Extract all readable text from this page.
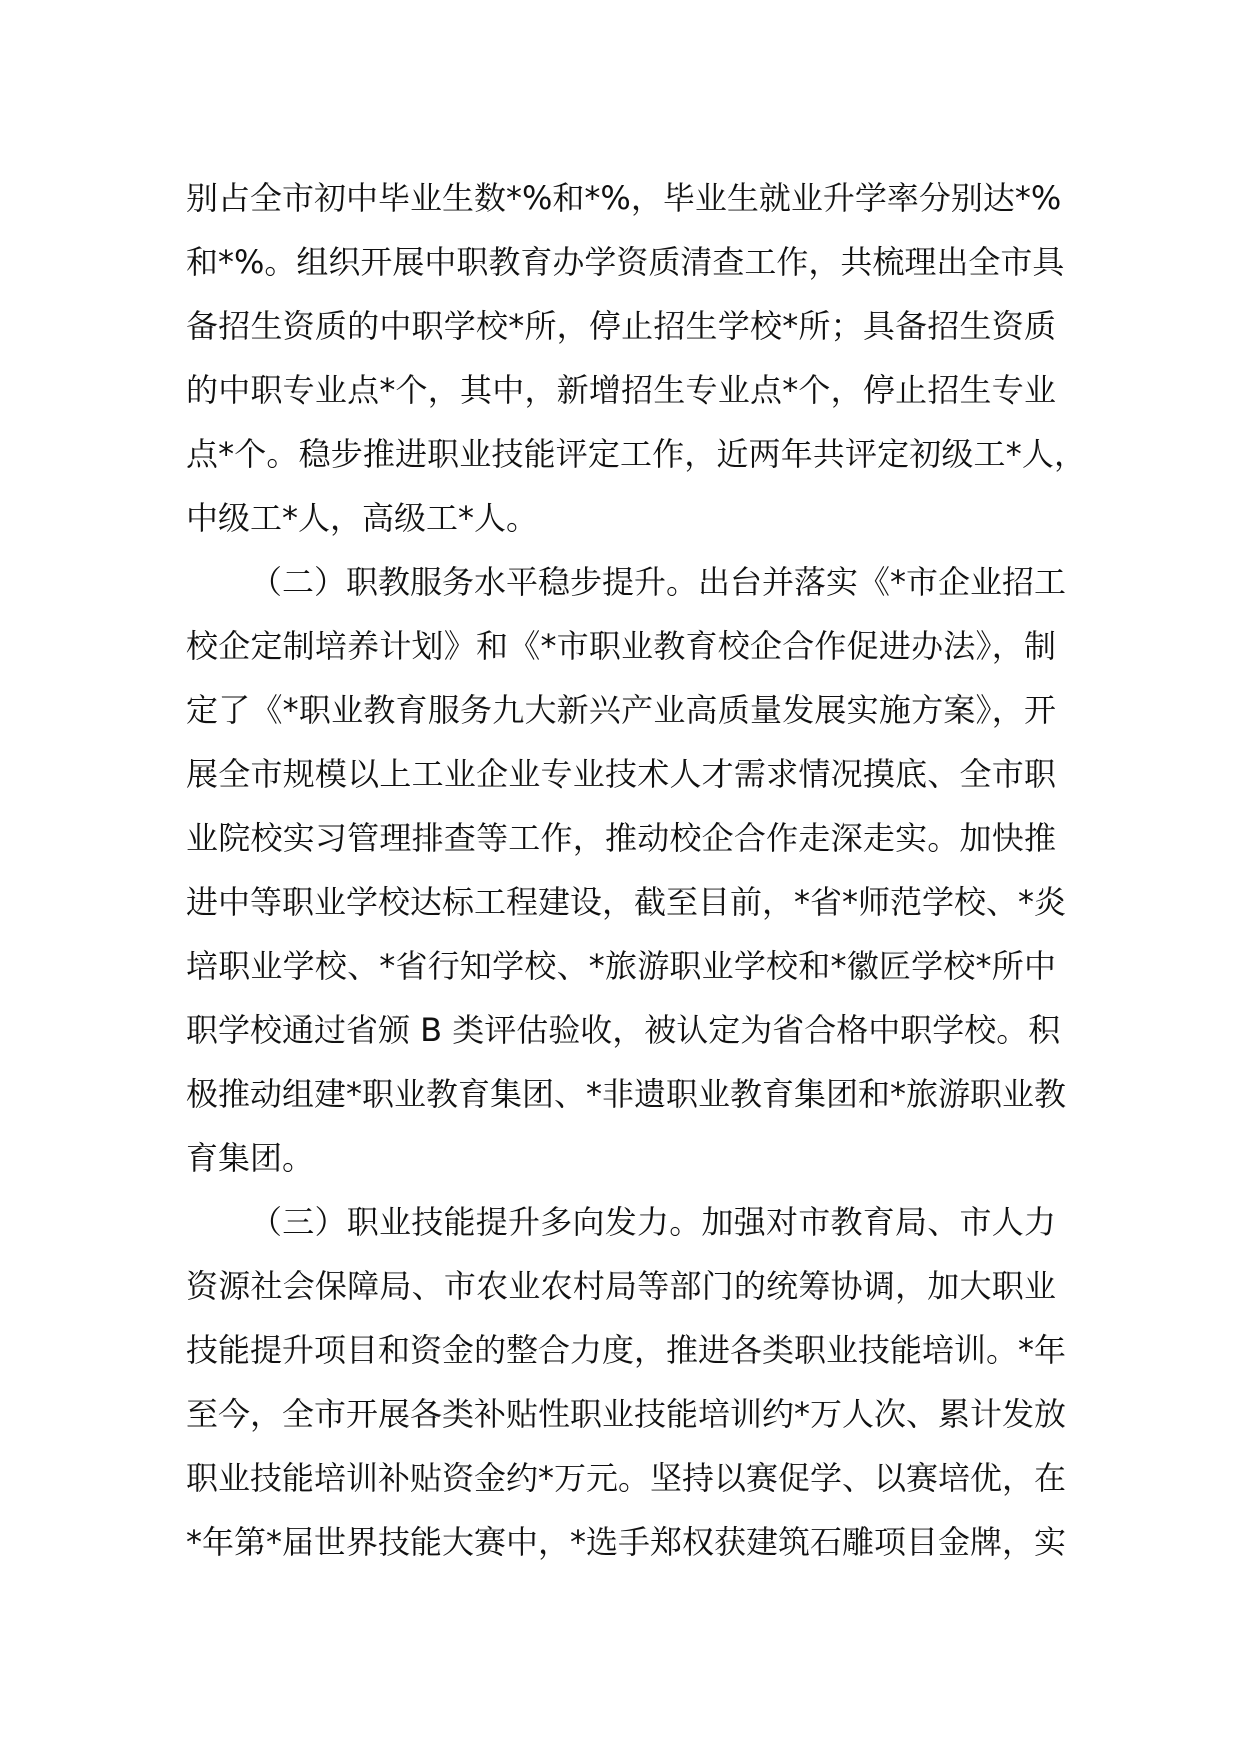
别占全市初中毕业生数*%和*%，毕业生就业升学率分别达*%
和*%。组织开展中职教育办学资质清查工作，共梳理出全市具
备招生资质的中职学校*所，停止招生学校*所；具备招生资质
的中职专业点*个，其中，新增招生专业点*个，停止招生专业
点*个。稳步推进职业技能评定工作，近两年共评定初级工*人，
中级工*人，高级工*人。
（二）职教服务水平稳步提升。出台并落实《*市企业招工
校企定制培养计划》和《*市职业教育校企合作促进办法》，制
定了《*职业教育服务九大新兴产业高质量发展实施方案》，开
展全市规模以上工业企业专业技术人才需求情况摸底、全市职
业院校实习管理排查等工作，推动校企合作走深走实。加快推
进中等职业学校达标工程建设，截至目前，*省*师范学校、*炎
培职业学校、*省行知学校、*旅游职业学校和*徽匠学校*所中
职学校通过省颁 B 类评估验收，被认定为省合格中职学校。积
极推动组建*职业教育集团、*非遗职业教育集团和*旅游职业教
育集团。
（三）职业技能提升多向发力。加强对市教育局、市人力
资源社会保障局、市农业农村局等部门的统筹协调，加大职业
技能提升项目和资金的整合力度，推进各类职业技能培训。*年
至今，全市开展各类补贴性职业技能培训约*万人次、累计发放
职业技能培训补贴资金约*万元。坚持以赛促学、以赛培优，在
*年第*届世界技能大赛中，*选手郑权获建筑石雕项目金牌，实
